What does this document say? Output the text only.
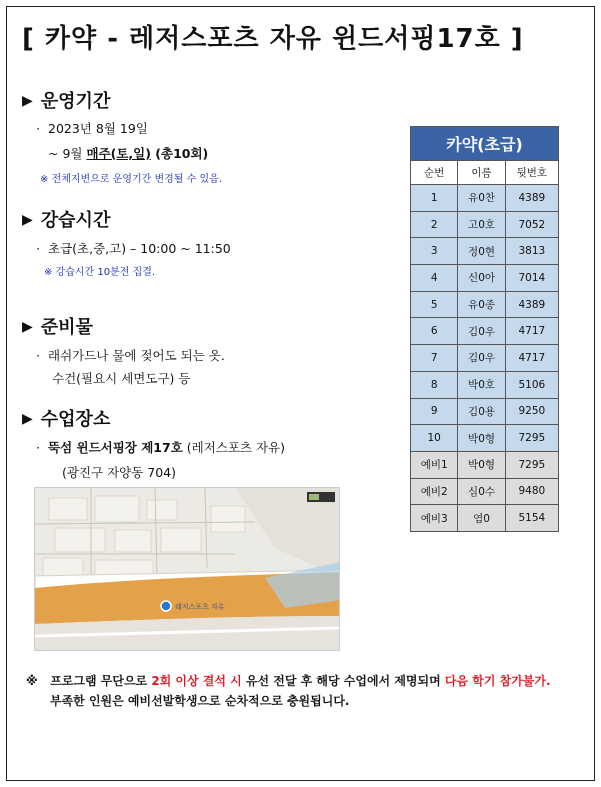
[ 카약 - 레저스포츠 자유 윈드서핑17호 ]
▶ 운영기간
· 2023년 8월 19일
~ 9월 매주(토,일) (총10회)
※ 전체지변으로 운영기간 변경될 수 있음.
▶ 강습시간
· 초급(초,중,고) – 10:00 ~ 11:50
※ 강습시간 10분전 집결.
▶ 준비물
· 래쉬가드나 물에 젖어도 되는 옷.
수건(필요시 세면도구) 등
▶ 수업장소
· 뚝섬 윈드서핑장 제17호 (레저스포츠 자유)
(광진구 자양동 704)
레저스포츠 자유
카약(초급)		
순번	이름	뒷번호
1	유0찬	4389
2	고0호	7052
3	정0현	3813
4	신0아	7014
5	유0종	4389
6	김0우	4717
7	김0우	4717
8	박0호	5106
9	김0용	9250
10	박0형	7295
예비1	박0형	7295
예비2	심0수	9480
예비3	염0	5154
※ 프로그램 무단으로 2회 이상 결석 시 유선 전달 후 해당 수업에서 제명되며 다음 학기 참가불가.
부족한 인원은 예비선발학생으로 순차적으로 충원됩니다.
